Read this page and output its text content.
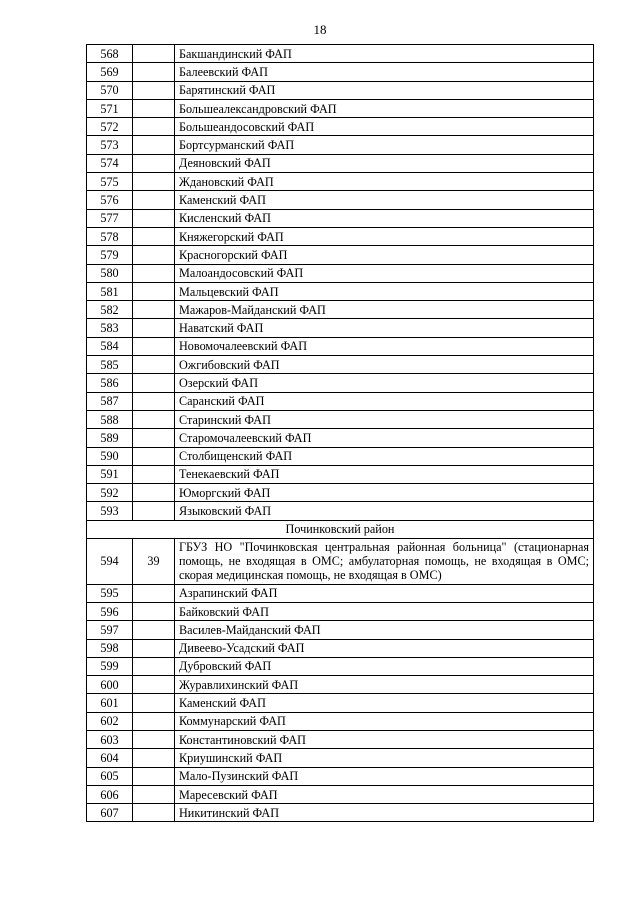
18
568		Бакшандинский ФАП
569		Балеевский ФАП
570		Барятинский ФАП
571		Большеалександровский ФАП
572		Большеандосовский ФАП
573		Бортсурманский ФАП
574		Деяновский ФАП
575		Ждановский ФАП
576		Каменский ФАП
577		Кисленский ФАП
578		Княжегорский ФАП
579		Красногорский ФАП
580		Малоандосовский ФАП
581		Мальцевский ФАП
582		Мажаров-Майданский ФАП
583		Наватский ФАП
584		Новомочалеевский ФАП
585		Ожгибовский ФАП
586		Озерский ФАП
587		Саранский ФАП
588		Старинский ФАП
589		Старомочалеевский ФАП
590		Столбищенский ФАП
591		Тенекаевский ФАП
592		Юморгский ФАП
593		Языковский ФАП
Починковский район		
594	39	ГБУЗ НО "Починковская центральная районная больница" (стационарная помощь, не входящая в ОМС; амбулаторная помощь, не входящая в ОМС; скорая медицинская помощь, не входящая в ОМС)
595		Азрапинский ФАП
596		Байковский ФАП
597		Василев-Майданский ФАП
598		Дивеево-Усадский ФАП
599		Дубровский ФАП
600		Журавлихинский ФАП
601		Каменский ФАП
602		Коммунарский ФАП
603		Константиновский ФАП
604		Криушинский ФАП
605		Мало-Пузинский ФАП
606		Маресевский ФАП
607		Никитинский ФАП
